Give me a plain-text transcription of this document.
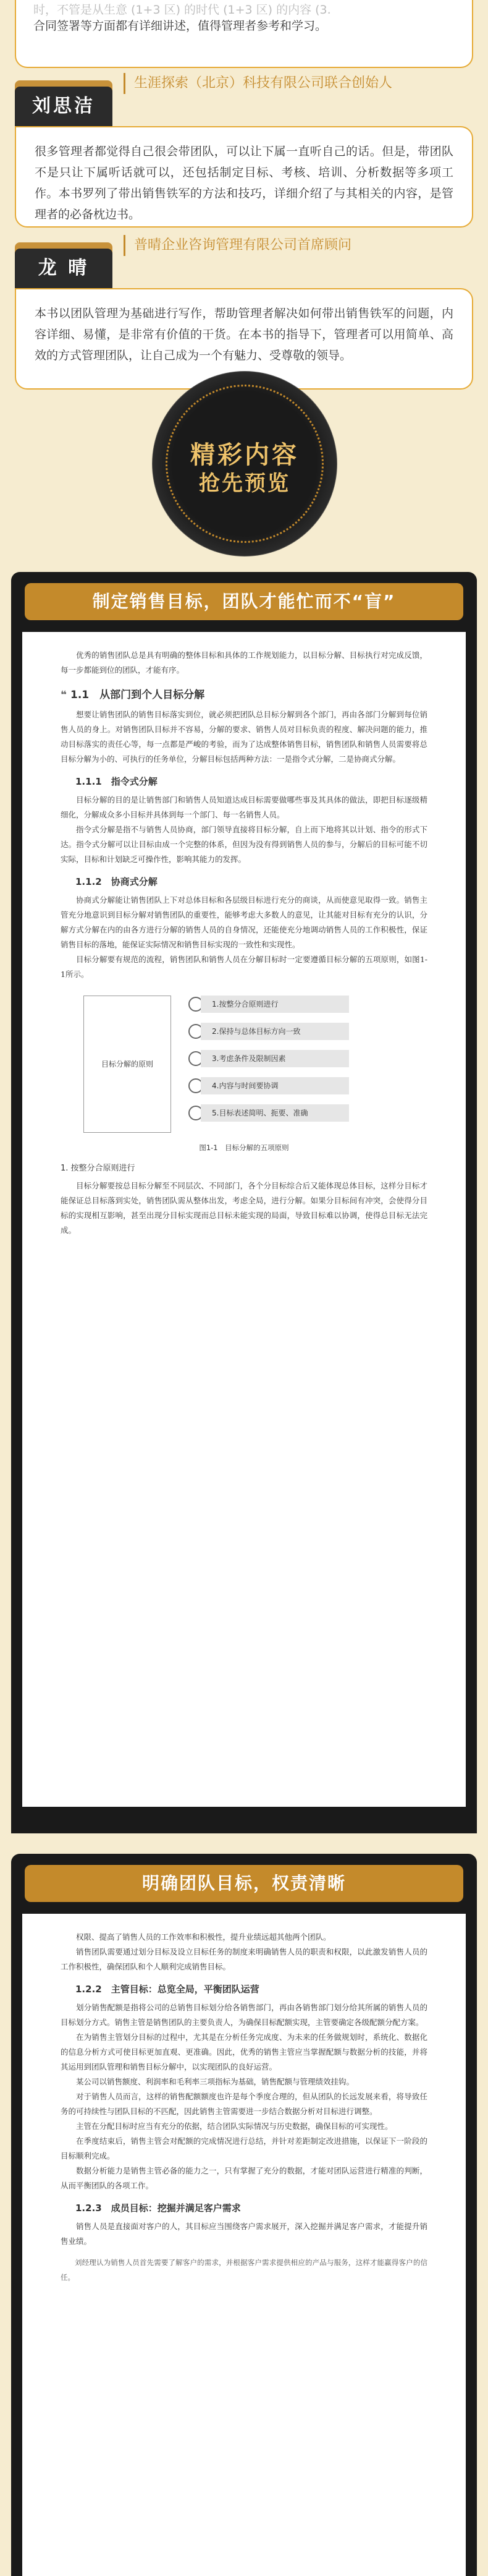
时，不管是从生意 (1+3 区) 的时代 (1+3 区) 的内容 (3.

合同签署等方面都有详细讲述，值得管理者参考和学习。

刘思洁
生涯探索（北京）科技有限公司联合创始人

很多管理者都觉得自己很会带团队，可以让下属一直听自己的话。但是，带团队不是只让下属听话就可以，还包括制定目标、考核、培训、分析数据等多项工作。本书罗列了带出销售铁军的方法和技巧，详细介绍了与其相关的内容，是管理者的必备枕边书。

龙 晴
普晴企业咨询管理有限公司首席顾问

本书以团队管理为基础进行写作，帮助管理者解决如何带出销售铁军的问题，内容详细、易懂，是非常有价值的干货。在本书的指导下，管理者可以用简单、高效的方式管理团队，让自己成为一个有魅力、受尊敬的领导。

精彩内容
抢先预览
制定销售目标，团队才能忙而不“盲”

优秀的销售团队总是具有明确的整体目标和具体的工作规划能力，以目标分解、目标执行对完成反馈，每一步都能到位的团队，才能有序。

❝ 1.1　从部门到个人目标分解

想要让销售团队的销售目标落实到位，就必须把团队总目标分解到各个部门，再由各部门分解到每位销售人员的身上。对销售团队目标并不容易，分解的要求、销售人员对目标负责的程度、解决问题的能力，推动目标落实的责任心等，每一点都是严峻的考验，而为了达成整体销售目标，销售团队和销售人员需要将总目标分解为小的、可执行的任务单位，分解目标包括两种方法：一是指令式分解，二是协商式分解。

1.1.1　指令式分解

目标分解的目的是让销售部门和销售人员知道达成目标需要做哪些事及其具体的做法，即把目标逐级精细化，分解成众多小目标并具体到每一个部门、每一名销售人员。

指令式分解是指不与销售人员协商，部门领导直接将目标分解，自上而下地将其以计划、指令的形式下达。指令式分解可以让目标由成一个完整的体系，但因为没有得到销售人员的参与，分解后的目标可能不切实际，目标和计划缺乏可操作性，影响其能力的发挥。

1.1.2　协商式分解

协商式分解能让销售团队上下对总体目标和各层级目标进行充分的商谈，从而使意见取得一致。销售主管充分地意识到目标分解对销售团队的重要性，能够考虑大多数人的意见，让其能对目标有充分的认识，分解方式分解在内的由各方进行分解的销售人员的自身情况，还能使充分地调动销售人员的工作积极性，保证销售目标的落地，能保证实际情况和销售目标实现的一致性和实现性。

目标分解要有规范的流程，销售团队和销售人员在分解目标时一定要遵循目标分解的五项原则，如图1-1所示。

目标分解的原则
1.按整分合原则进行
2.保持与总体目标方向一致
3.考虑条件及限制因素
4.内容与时间要协调
5.目标表述简明、扼要、准确
图1-1　目标分解的五项原则
1. 按整分合原则进行

目标分解要按总目标分解至不同层次、不同部门，各个分目标综合后又能体现总体目标，这样分目标才能保证总目标落到实处，销售团队需从整体出发，考虑全局，进行分解。如果分目标间有冲突，会使得分目标的实现相互影响，甚至出现分目标实现而总目标未能实现的局面，导致目标难以协调，使得总目标无法完成。

明确团队目标，权责清晰

权限、提高了销售人员的工作效率和积极性，提升业绩远超其他两个团队。

销售团队需要通过划分目标及设立目标任务的制度来明确销售人员的职责和权限，以此激发销售人员的工作积极性，确保团队和个人顺利完成销售目标。

1.2.2　主管目标：总览全局，平衡团队运营

划分销售配额是指将公司的总销售目标划分给各销售部门，再由各销售部门划分给其所属的销售人员的目标划分方式。销售主管是销售团队的主要负责人，为确保目标配额实现，主管要确定各级配额分配方案。

在为销售主管划分目标的过程中，尤其是在分析任务完成度、为未来的任务做规划时，系统化、数据化的信息分析方式可使目标更加直观、更准确。因此，优秀的销售主管应当掌握配额与数据分析的技能，并将其运用到团队管理和销售目标分解中，以实现团队的良好运营。

某公司以销售额度、利润率和毛利率三项指标为基础，销售配额与管理绩效挂钩。

对于销售人员而言，这样的销售配额额度也许是每个季度合理的，但从团队的长远发展来看，将导致任务的可持续性与团队目标的不匹配，因此销售主管需要进一步结合数据分析对目标进行调整。

主管在分配目标时应当有充分的依据，结合团队实际情况与历史数据，确保目标的可实现性。

在季度结束后，销售主管会对配额的完成情况进行总结，并针对差距制定改进措施，以保证下一阶段的目标顺利完成。

数据分析能力是销售主管必备的能力之一，只有掌握了充分的数据，才能对团队运营进行精准的判断，从而平衡团队的各项工作。

1.2.3　成员目标：挖掘并满足客户需求

销售人员是直接面对客户的人，其目标应当围绕客户需求展开，深入挖掘并满足客户需求，才能提升销售业绩。

刘经理认为销售人员首先需要了解客户的需求，并根据客户需求提供相应的产品与服务，这样才能赢得客户的信任。
